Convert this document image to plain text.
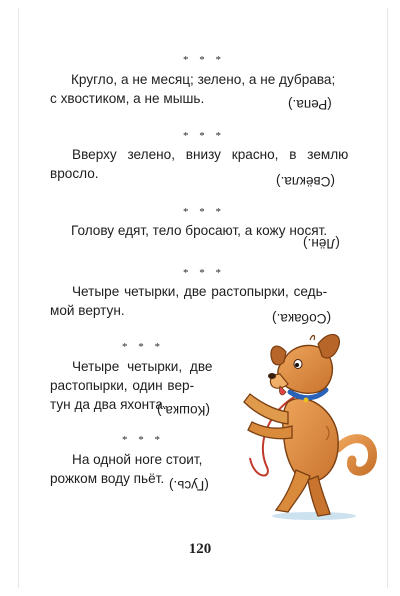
* * *
Кругло, а не месяц; зелено, а не дубрава;
с хвостиком, а не мышь.	(Репа.)
* * *
Вверху зелено, внизу красно, в землю
вросло.
(Свёкла.)
* * *
Голову едят, тело бросают, а кожу носят.
(Лён.)
* * *
Четыре четырки, две растопырки, седь-
мой вертун.
(Собака.)
* * *
Четыре четырки, две
растопырки, один вер-
тун да два яхонта.
(Кошка.)
* * *
На одной ноге стоит,
рожком воду пьёт. (Гусь.)
120
